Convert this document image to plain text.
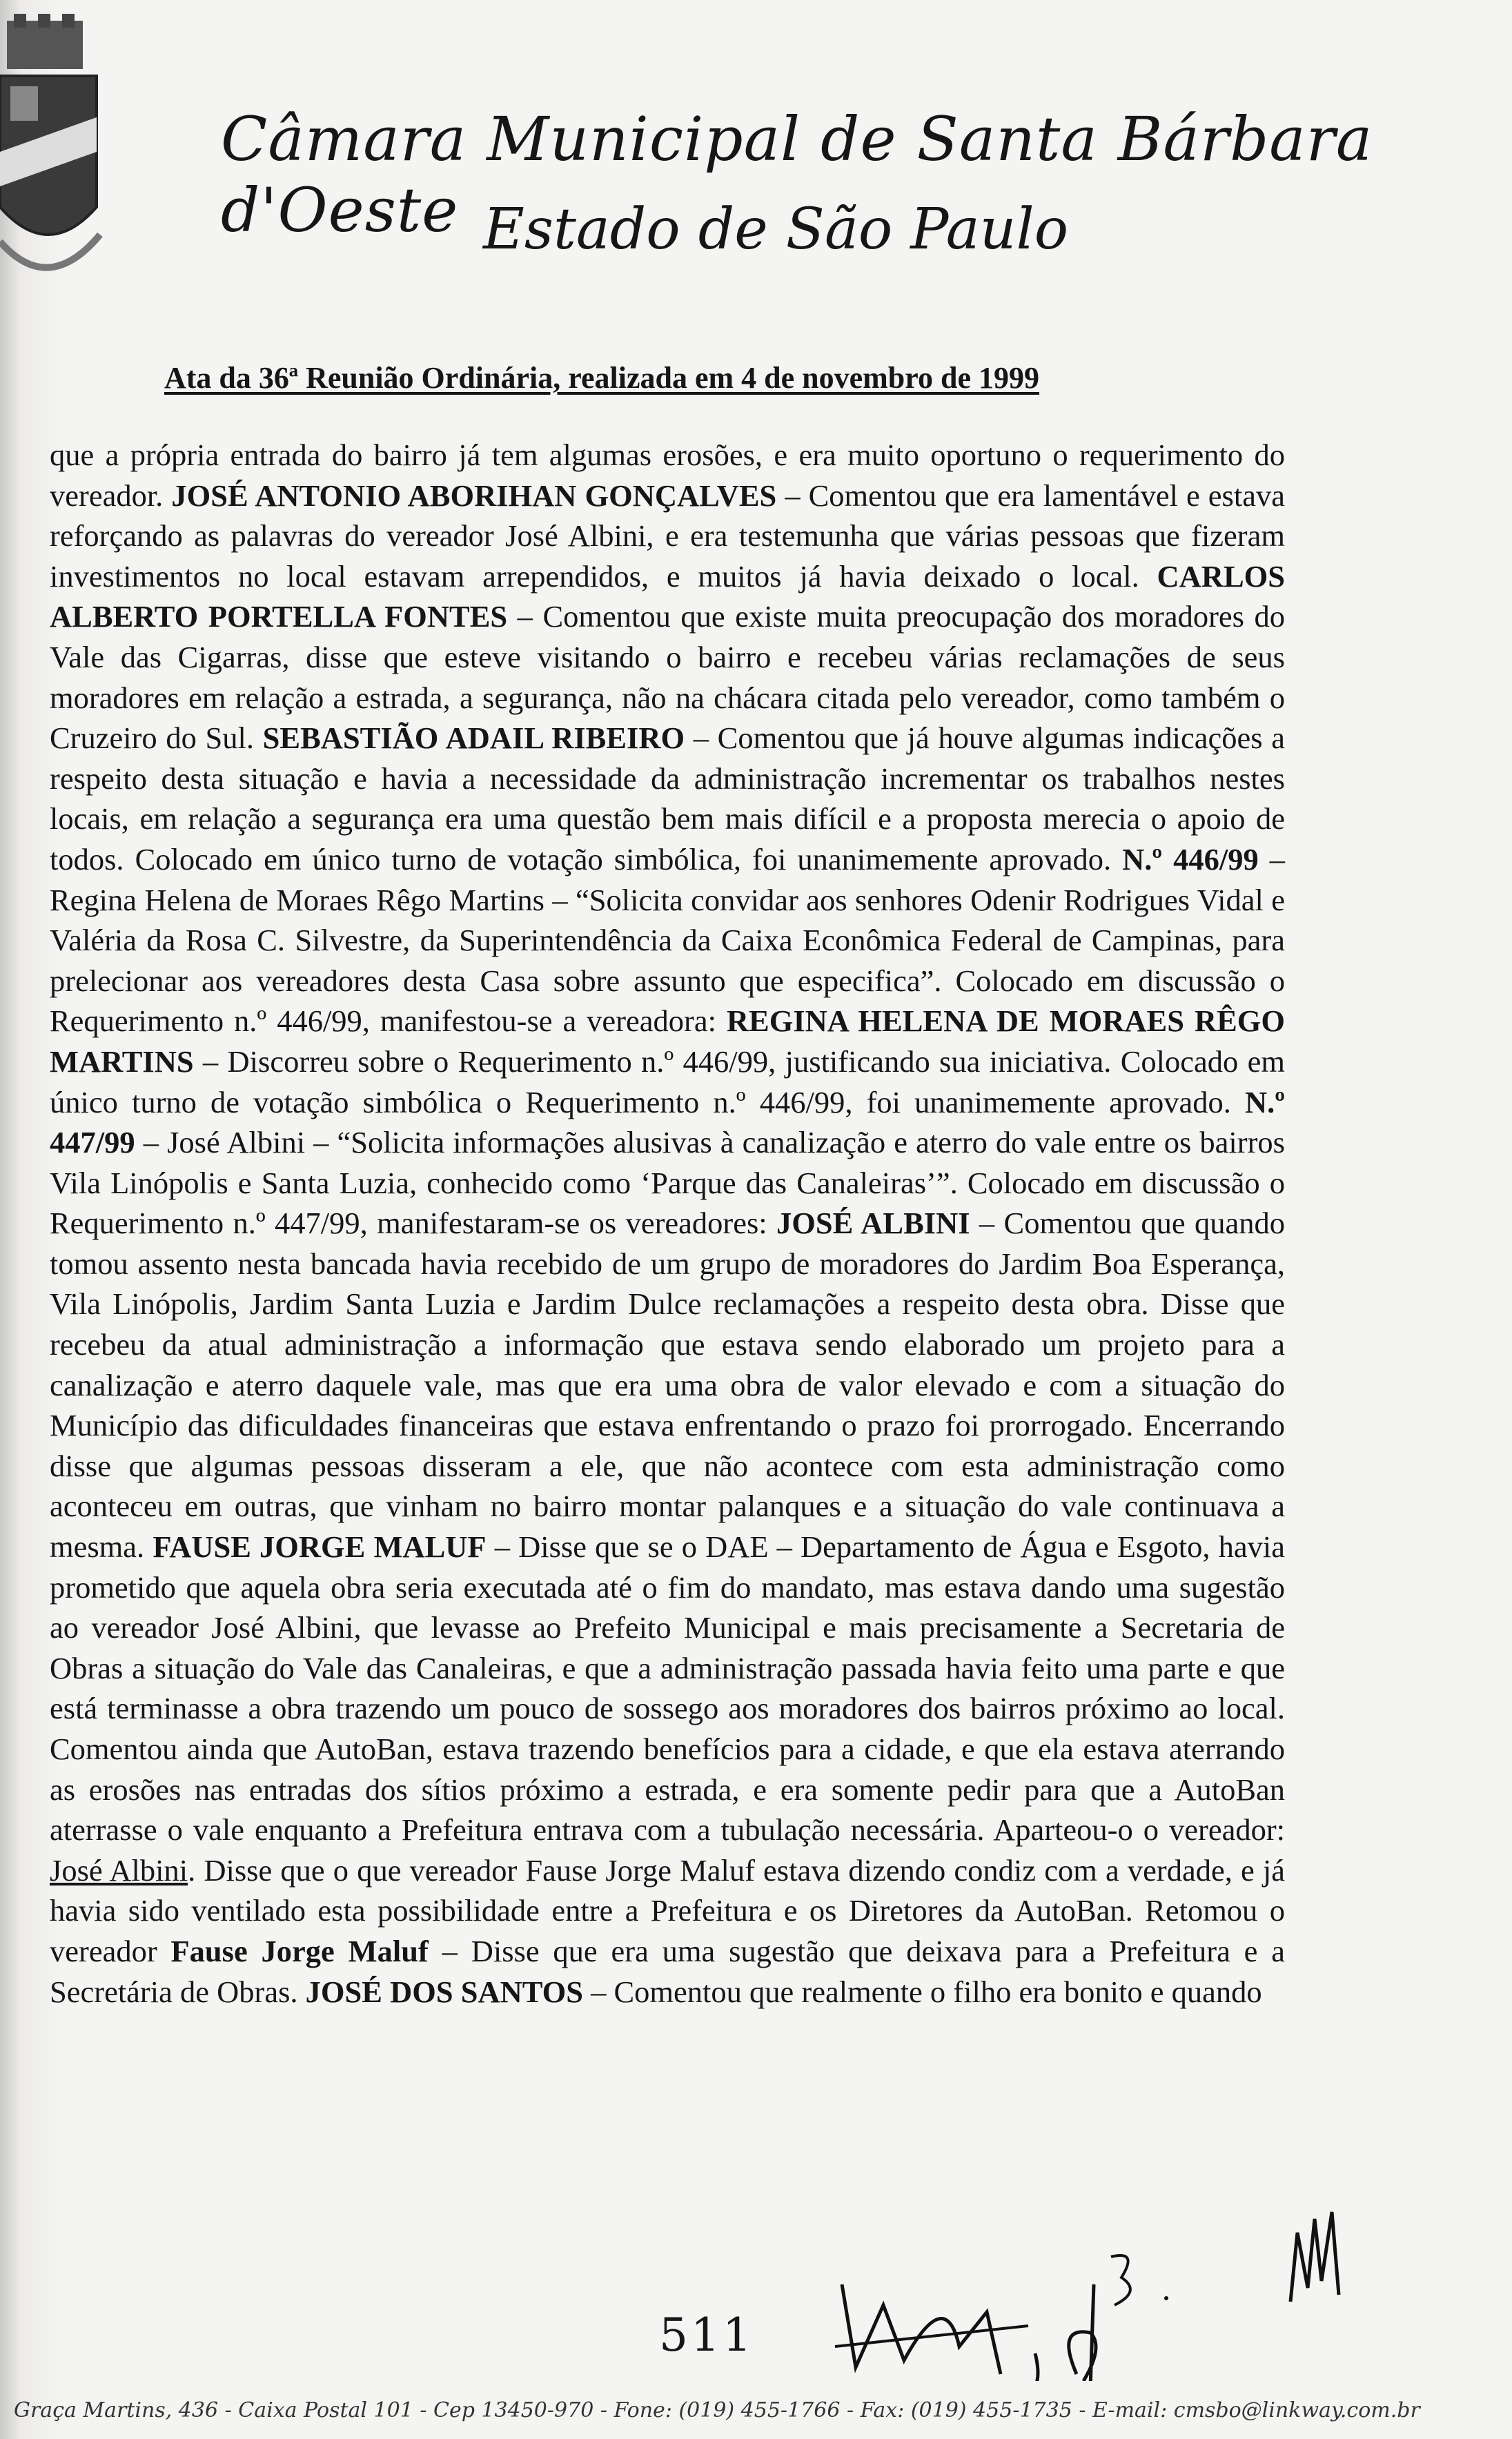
Câmara Municipal de Santa Bárbara d'Oeste Estado de São Paulo
Ata da 36ª Reunião Ordinária, realizada em 4 de novembro de 1999

que a própria entrada do bairro já tem algumas erosões, e era muito oportuno o requerimento do vereador. JOSÉ ANTONIO ABORIHAN GONÇALVES – Comentou que era lamentável e estava reforçando as palavras do vereador José Albini, e era testemunha que várias pessoas que fizeram investimentos no local estavam arrependidos, e muitos já havia deixado o local. CARLOS ALBERTO PORTELLA FONTES – Comentou que existe muita preocupação dos moradores do Vale das Cigarras, disse que esteve visitando o bairro e recebeu várias reclamações de seus moradores em relação a estrada, a segurança, não na chácara citada pelo vereador, como também o Cruzeiro do Sul. SEBASTIÃO ADAIL RIBEIRO – Comentou que já houve algumas indicações a respeito desta situação e havia a necessidade da administração incrementar os trabalhos nestes locais, em relação a segurança era uma questão bem mais difícil e a proposta merecia o apoio de todos. Colocado em único turno de votação simbólica, foi unanimemente aprovado. N.º 446/99 – Regina Helena de Moraes Rêgo Martins – “Solicita convidar aos senhores Odenir Rodrigues Vidal e Valéria da Rosa C. Silvestre, da Superintendência da Caixa Econômica Federal de Campinas, para prelecionar aos vereadores desta Casa sobre assunto que especifica”. Colocado em discussão o Requerimento n.º 446/99, manifestou-se a vereadora: REGINA HELENA DE MORAES RÊGO MARTINS – Discorreu sobre o Requerimento n.º 446/99, justificando sua iniciativa. Colocado em único turno de votação simbólica o Requerimento n.º 446/99, foi unanimemente aprovado. N.º 447/99 – José Albini – “Solicita informações alusivas à canalização e aterro do vale entre os bairros Vila Linópolis e Santa Luzia, conhecido como ‘Parque das Canaleiras’”. Colocado em discussão o Requerimento n.º 447/99, manifestaram-se os vereadores: JOSÉ ALBINI – Comentou que quando tomou assento nesta bancada havia recebido de um grupo de moradores do Jardim Boa Esperança, Vila Linópolis, Jardim Santa Luzia e Jardim Dulce reclamações a respeito desta obra. Disse que recebeu da atual administração a informação que estava sendo elaborado um projeto para a canalização e aterro daquele vale, mas que era uma obra de valor elevado e com a situação do Município das dificuldades financeiras que estava enfrentando o prazo foi prorrogado. Encerrando disse que algumas pessoas disseram a ele, que não acontece com esta administração como aconteceu em outras, que vinham no bairro montar palanques e a situação do vale continuava a mesma. FAUSE JORGE MALUF – Disse que se o DAE – Departamento de Água e Esgoto, havia prometido que aquela obra seria executada até o fim do mandato, mas estava dando uma sugestão ao vereador José Albini, que levasse ao Prefeito Municipal e mais precisamente a Secretaria de Obras a situação do Vale das Canaleiras, e que a administração passada havia feito uma parte e que está terminasse a obra trazendo um pouco de sossego aos moradores dos bairros próximo ao local. Comentou ainda que AutoBan, estava trazendo benefícios para a cidade, e que ela estava aterrando as erosões nas entradas dos sítios próximo a estrada, e era somente pedir para que a AutoBan aterrasse o vale enquanto a Prefeitura entrava com a tubulação necessária. Aparteou-o o vereador: José Albini. Disse que o que vereador Fause Jorge Maluf estava dizendo condiz com a verdade, e já havia sido ventilado esta possibilidade entre a Prefeitura e os Diretores da AutoBan. Retomou o vereador Fause Jorge Maluf – Disse que era uma sugestão que deixava para a Prefeitura e a Secretária de Obras. JOSÉ DOS SANTOS – Comentou que realmente o filho era bonito e quando

511
Graça Martins, 436 - Caixa Postal 101 - Cep 13450-970 - Fone: (019) 455-1766 - Fax: (019) 455-1735 - E-mail: cmsbo@linkway.com.br
